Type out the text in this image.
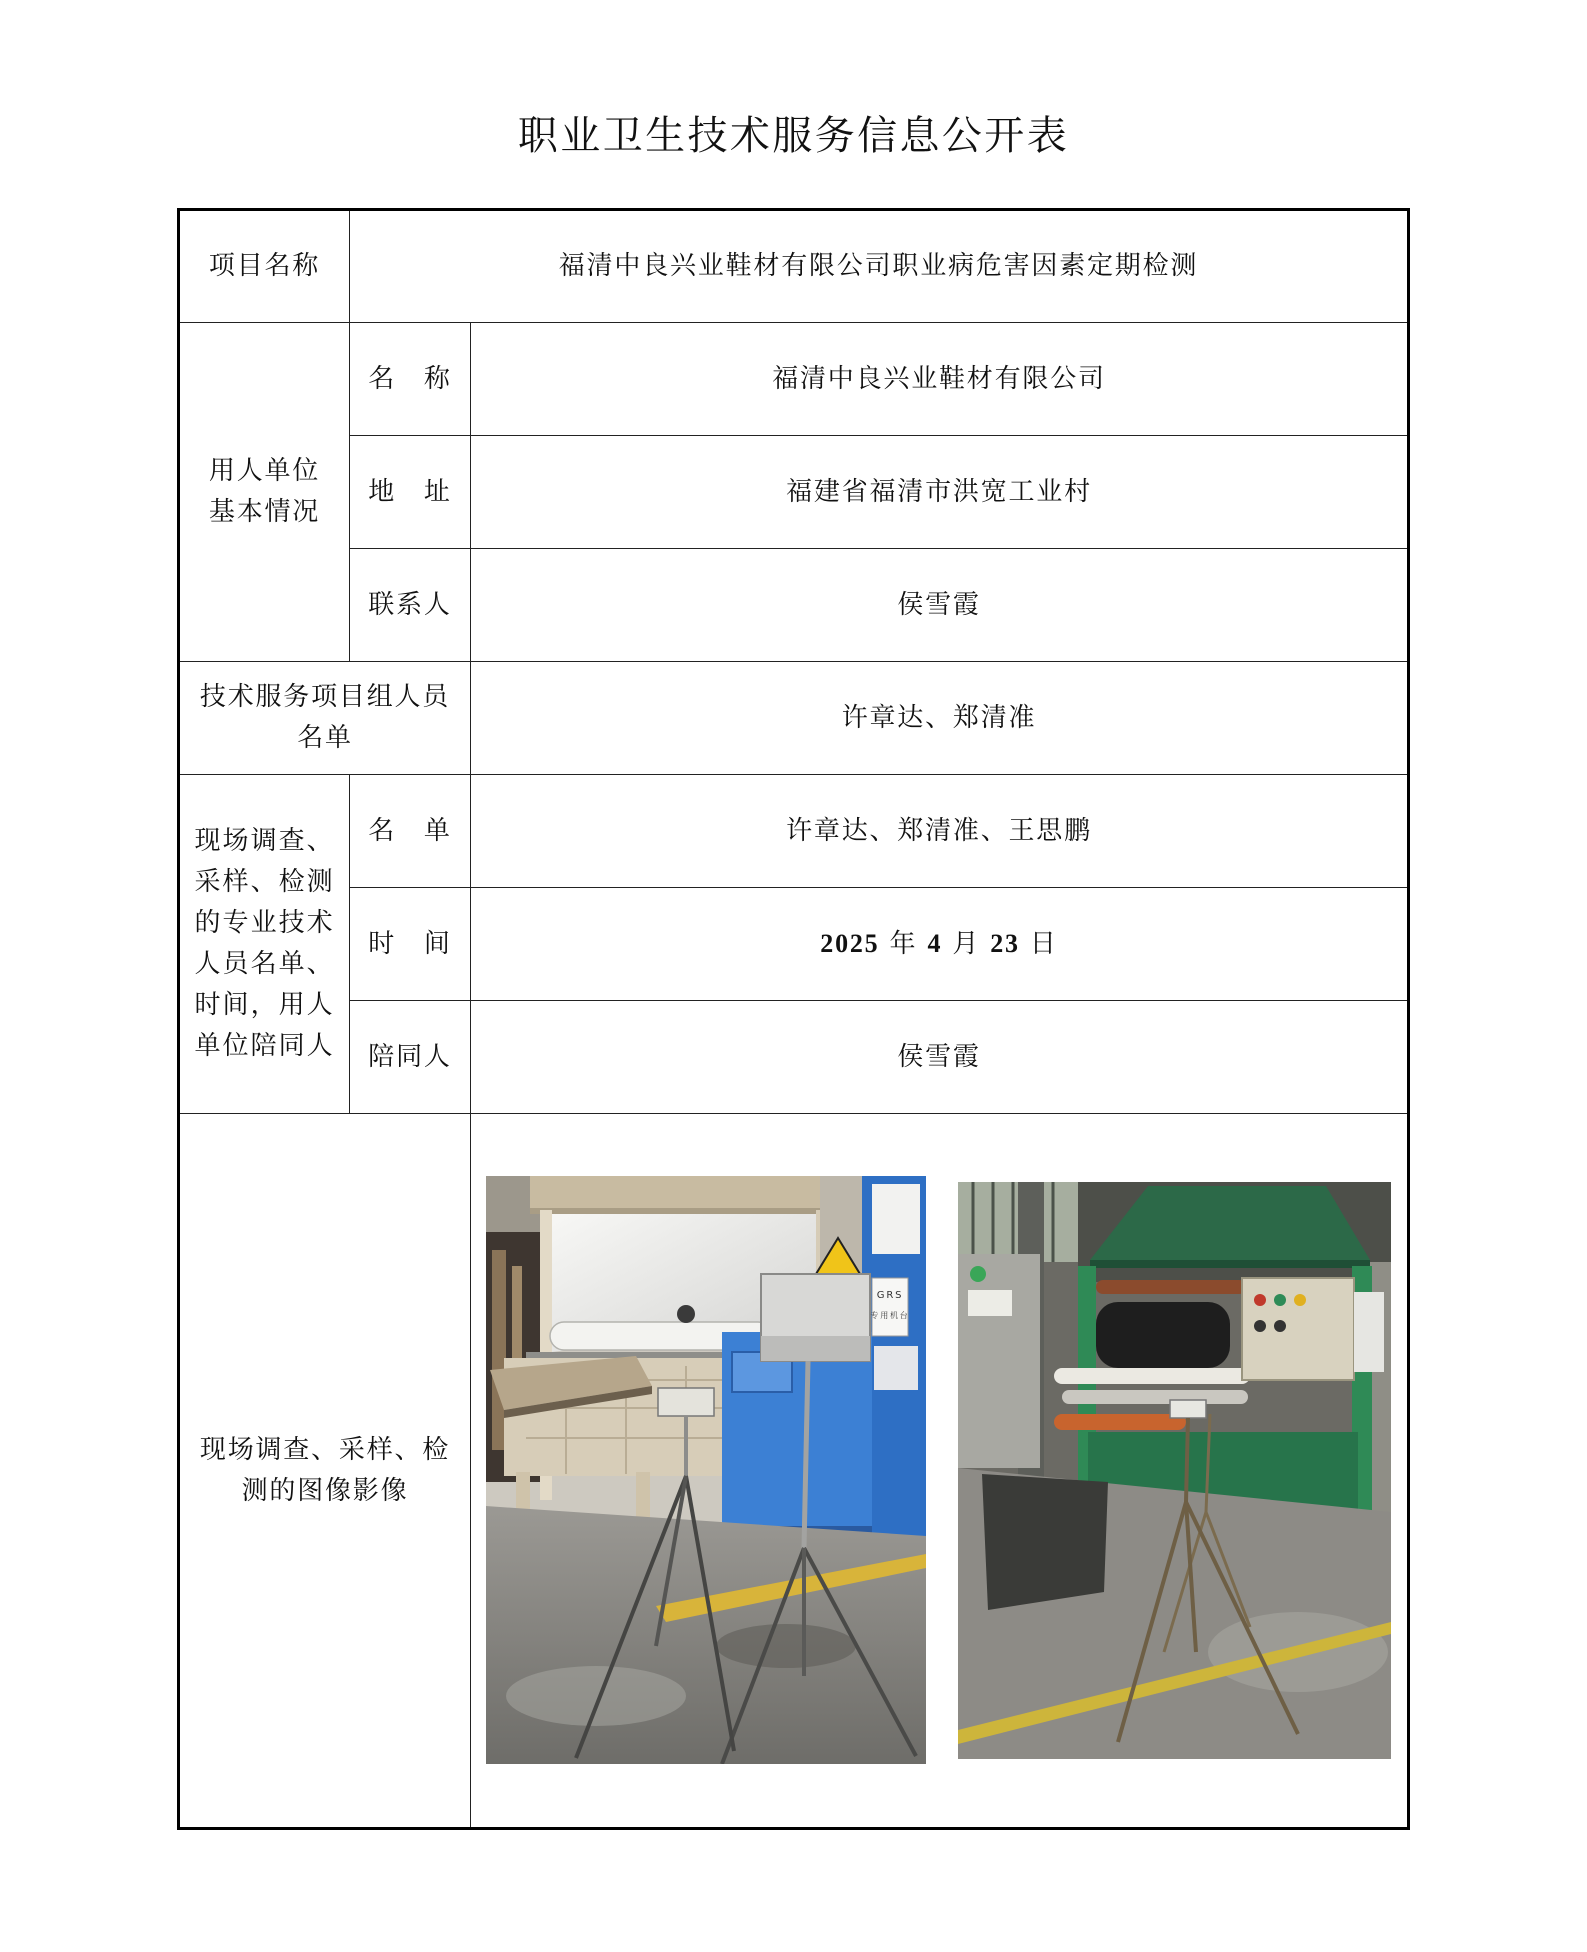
职业卫生技术服务信息公开表
项目名称	福清中良兴业鞋材有限公司职业病危害因素定期检测	
用人单位基本情况	名　称	福清中良兴业鞋材有限公司
	地　址	福建省福清市洪宽工业村
	联系人	侯雪霞
技术服务项目组人员名单		许章达、郑清准
现场调查、采样、检测的专业技术人员名单、时间，用人单位陪同人	名　单	许章达、郑清准、王思鹏
	时　间	2025 年 4 月 23 日
	陪同人	侯雪霞
现场调查、采样、检测的图像影像		GRS
专用机台
